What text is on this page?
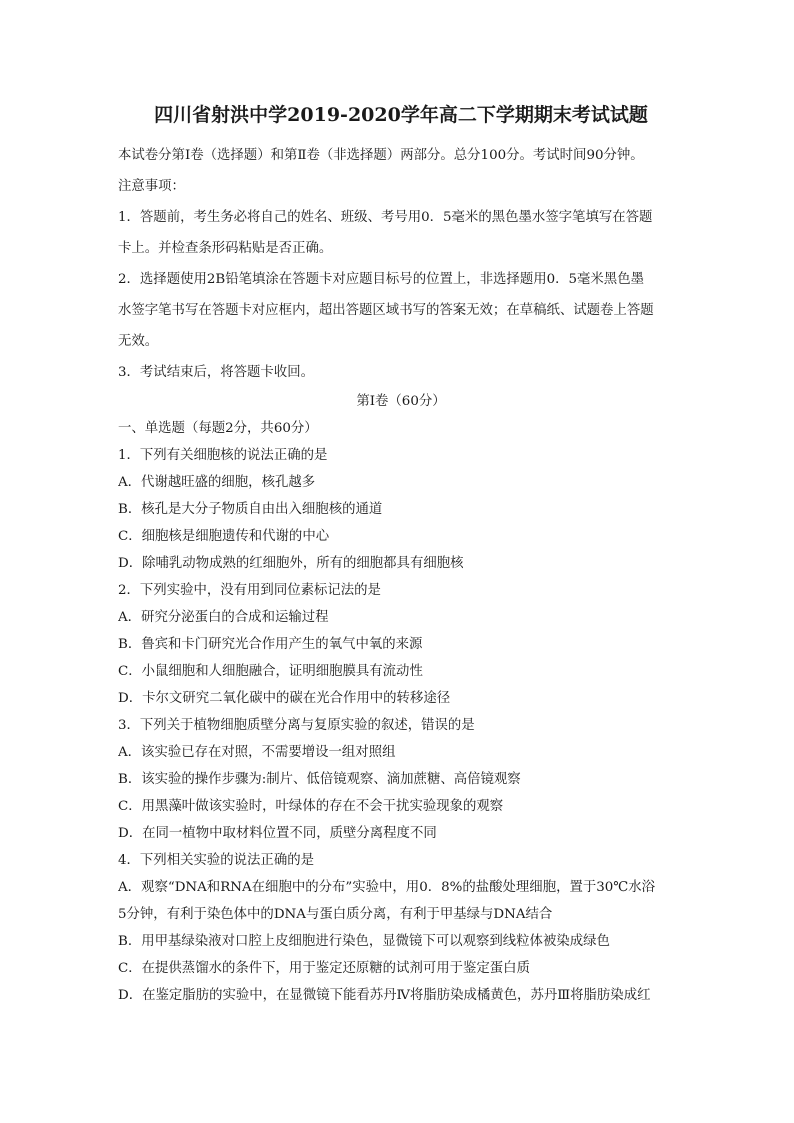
四川省射洪中学2019-2020学年高二下学期期末考试试题
本试卷分第Ⅰ卷（选择题）和第Ⅱ卷（非选择题）两部分。总分100分。考试时间90分钟。
注意事项：
1．答题前，考生务必将自己的姓名、班级、考号用0．5毫米的黑色墨水签字笔填写在答题
卡上。并检查条形码粘贴是否正确。
2．选择题使用2B铅笔填涂在答题卡对应题目标号的位置上，非选择题用0．5毫米黑色墨
水签字笔书写在答题卡对应框内，超出答题区域书写的答案无效；在草稿纸、试题卷上答题
无效。
3．考试结束后，将答题卡收回。
第Ⅰ卷（60分）
一、单选题（每题2分，共60分）
1．下列有关细胞核的说法正确的是
A．代谢越旺盛的细胞，核孔越多
B．核孔是大分子物质自由出入细胞核的通道
C．细胞核是细胞遗传和代谢的中心
D．除哺乳动物成熟的红细胞外，所有的细胞都具有细胞核
2．下列实验中，没有用到同位素标记法的是
A．研究分泌蛋白的合成和运输过程
B．鲁宾和卡门研究光合作用产生的氧气中氧的来源
C．小鼠细胞和人细胞融合，证明细胞膜具有流动性
D．卡尔文研究二氧化碳中的碳在光合作用中的转移途径
3．下列关于植物细胞质壁分离与复原实验的叙述，错误的是
A．该实验已存在对照，不需要增设一组对照组
B．该实验的操作步骤为:制片、低倍镜观察、滴加蔗糖、高倍镜观察
C．用黑藻叶做该实验时，叶绿体的存在不会干扰实验现象的观察
D．在同一植物中取材料位置不同，质壁分离程度不同
4．下列相关实验的说法正确的是
A．观察“DNA和RNA在细胞中的分布”实验中，用0．8%的盐酸处理细胞，置于30℃水浴
5分钟，有利于染色体中的DNA与蛋白质分离，有利于甲基绿与DNA结合
B．用甲基绿染液对口腔上皮细胞进行染色，显微镜下可以观察到线粒体被染成绿色
C．在提供蒸馏水的条件下，用于鉴定还原糖的试剂可用于鉴定蛋白质
D．在鉴定脂肪的实验中，在显微镜下能看苏丹Ⅳ将脂肪染成橘黄色，苏丹Ⅲ将脂肪染成红
